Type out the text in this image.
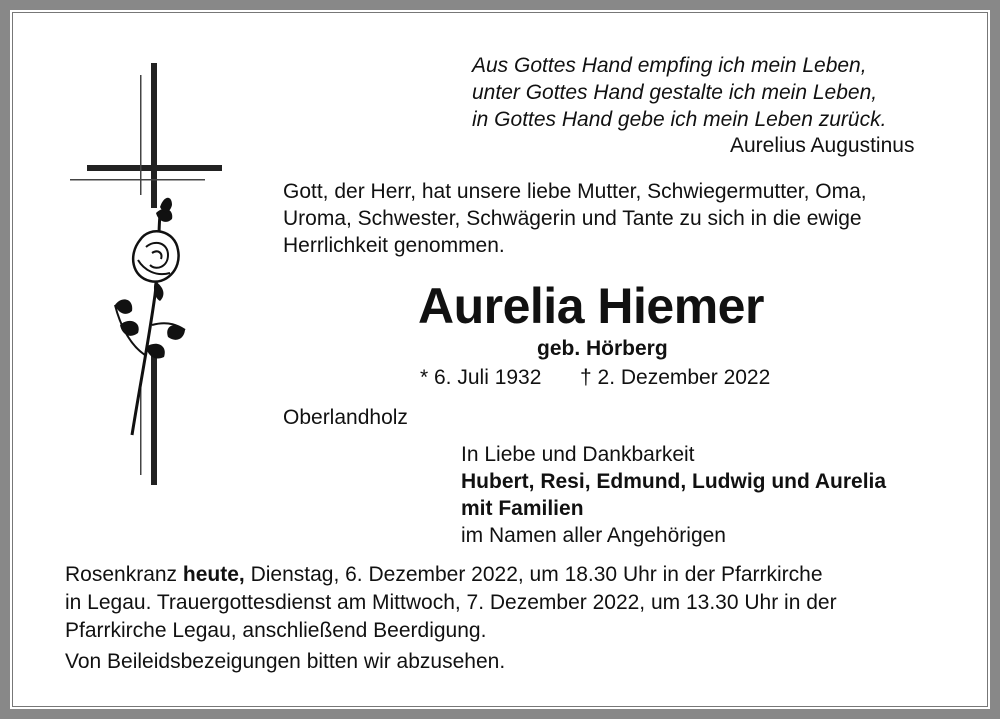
Aus Gottes Hand empfing ich mein Leben,
unter Gottes Hand gestalte ich mein Leben,
in Gottes Hand gebe ich mein Leben zurück.
Aurelius Augustinus
Gott, der Herr, hat unsere liebe Mutter, Schwiegermutter, Oma,
Uroma, Schwester, Schwägerin und Tante zu sich in die ewige
Herrlichkeit genommen.
Aurelia Hiemer
geb. Hörberg
* 6. Juli 1932 † 2. Dezember 2022
Oberlandholz
In Liebe und Dankbarkeit
Hubert, Resi, Edmund, Ludwig und Aurelia
mit Familien
im Namen aller Angehörigen
Rosenkranz heute, Dienstag, 6. Dezember 2022, um 18.30 Uhr in der Pfarrkirche
in Legau. Trauergottesdienst am Mittwoch, 7. Dezember 2022, um 13.30 Uhr in der
Pfarrkirche Legau, anschließend Beerdigung.
Von Beileidsbezeigungen bitten wir abzusehen.
